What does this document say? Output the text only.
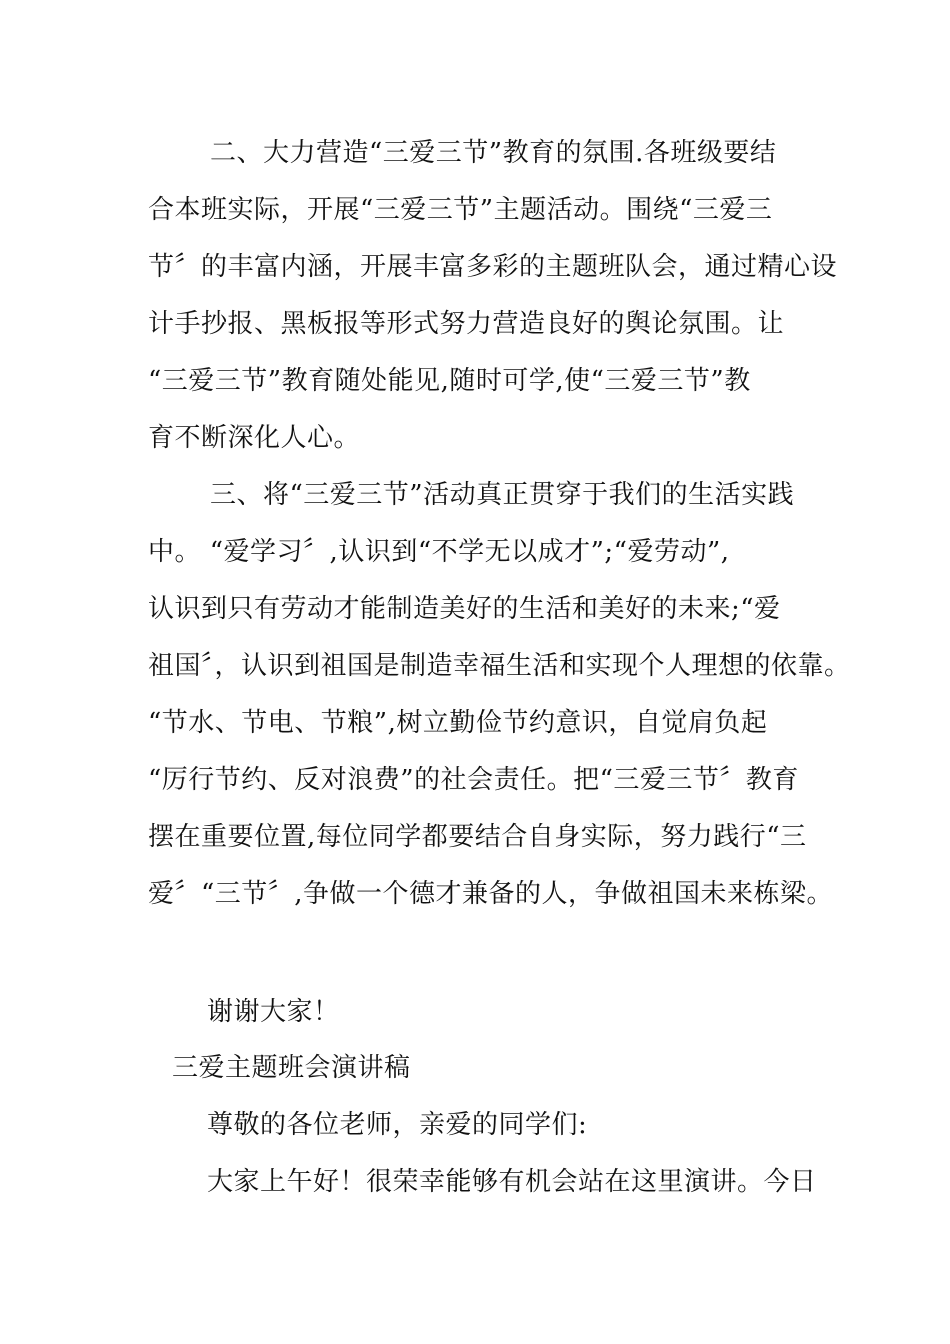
二、大力营造“三爱三节”教育的氛围.各班级要结
合本班实际，开展“三爱三节”主题活动。围绕“三爱三
节〞的丰富内涵，开展丰富多彩的主题班队会，通过精心设
计手抄报、黑板报等形式努力营造良好的舆论氛围。让
“三爱三节”教育随处能见,随时可学,使“三爱三节”教
育不断深化人心。
三、将“三爱三节”活动真正贯穿于我们的生活实践
中。 “爱学习〞,认识到“不学无以成才”;“爱劳动”,
认识到只有劳动才能制造美好的生活和美好的未来;“爱
祖国〞，认识到祖国是制造幸福生活和实现个人理想的依靠。
“节水、节电、节粮”,树立勤俭节约意识，自觉肩负起
“厉行节约、反对浪费”的社会责任。把“三爱三节〞教育
摆在重要位置,每位同学都要结合自身实际，努力践行“三
爱〞“三节〞,争做一个德才兼备的人，争做祖国未来栋梁。
谢谢大家！
三爱主题班会演讲稿
尊敬的各位老师，亲爱的同学们:
大家上午好！很荣幸能够有机会站在这里演讲。今日
